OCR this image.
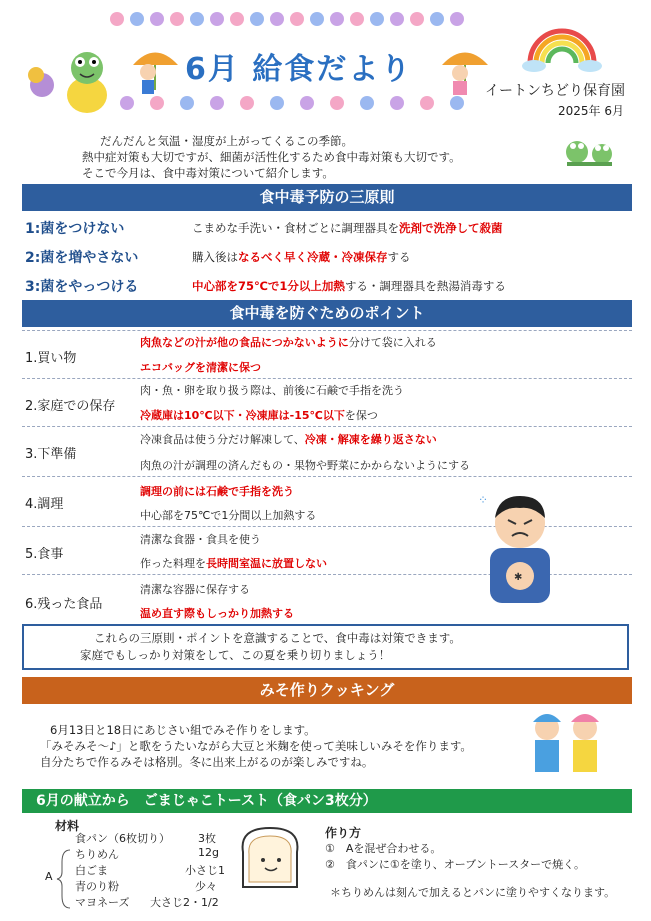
6月 給食だより
イートンちどり保育園
2025年 6月
だんだんと気温・湿度が上がってくるこの季節。
熱中症対策も大切ですが、細菌が活性化するため食中毒対策も大切です。
そこで今月は、食中毒対策について紹介します。
食中毒予防の三原則
1:菌をつけない	こまめな手洗い・食材ごとに調理器具を洗剤で洗浄して殺菌
2:菌を増やさない	購入後はなるべく早く冷蔵・冷凍保存する
3:菌をやっつける	中心部を75℃で1分以上加熱する・調理器具を熱湯消毒する
食中毒を防ぐためのポイント
1.買い物
肉魚などの汁が他の食品につかないように分けて袋に入れる
エコバッグを清潔に保つ
2.家庭での保存
肉・魚・卵を取り扱う際は、前後に石鹸で手指を洗う
冷蔵庫は10℃以下・冷凍庫は-15℃以下を保つ
3.下準備
冷凍食品は使う分だけ解凍して、冷凍・解凍を繰り返さない
肉魚の汁が調理の済んだもの・果物や野菜にかからないようにする
4.調理
調理の前には石鹸で手指を洗う
中心部を75℃で1分間以上加熱する
5.食事
清潔な食器・食具を使う
作った料理を長時間室温に放置しない
6.残った食品
清潔な容器に保存する
温め直す際もしっかり加熱する
✱
⁘
これらの三原則・ポイントを意識することで、食中毒は対策できます。
家庭でもしっかり対策をして、この夏を乗り切りましょう！
みそ作りクッキング
6月13日と18日にあじさい組でみそ作りをします。
「みそみそ～♪」と歌をうたいながら大豆と米麹を使って美味しいみそを作ります。
自分たちで作るみそは格別。冬に出来上がるのが楽しみですね。
6月の献立から　ごまじゃこトースト（食パン3枚分）
材料
食パン（6枚切り）	3枚
ちりめん	12g
白ごま	小さじ1
青のり粉	少々
マヨネーズ 大さじ2・1/2
A
作り方
①　Aを混ぜ合わせる。
②　食パンに①を塗り、オーブントースターで焼く。
＊ちりめんは刻んで加えるとパンに塗りやすくなります。
